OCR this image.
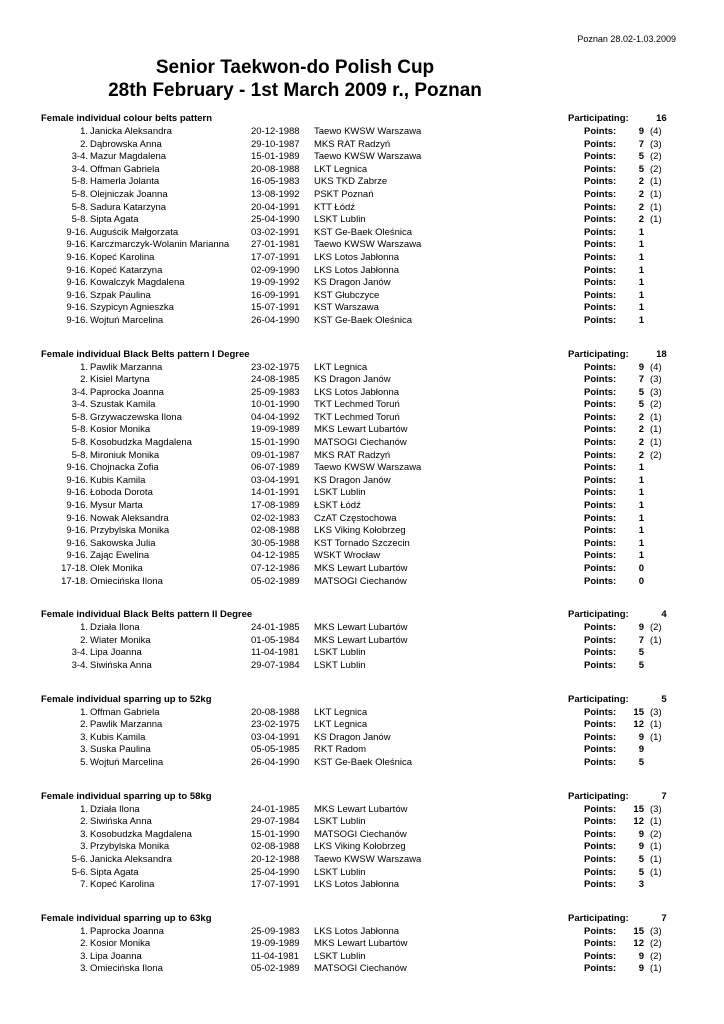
Poznan 28.02-1.03.2009
Senior Taekwon-do Polish Cup
28th February - 1st March 2009 r., Poznan
Female individual colour belts pattern	Participating:	16
1. Janicka Aleksandra	20-12-1988 Taewo KWSW Warszawa	Points:	9 (4)
2. Dąbrowska Anna	29-10-1987 MKS RAT Radzyń	Points:	7 (3)
3-4. Mazur Magdalena	15-01-1989 Taewo KWSW Warszawa	Points:	5 (2)
3-4. Offman Gabriela	20-08-1988 LKT Legnica	Points:	5 (2)
5-8. Hamerla Jolanta	16-05-1983 UKS TKD Zabrze	Points:	2 (1)
5-8. Olejniczak Joanna	13-08-1992 PSKT Poznań	Points:	2 (1)
5-8. Sadura Katarzyna	20-04-1991 KTT Łódź	Points:	2 (1)
5-8. Sipta Agata	25-04-1990 LSKT Lublin	Points:	2 (1)
9-16. Auguścik Małgorzata	03-02-1991 KST Ge-Baek Oleśnica	Points:	1
9-16. Karczmarczyk-Wolanin Marianna 27-01-1981 Taewo KWSW Warszawa	Points:	1
9-16. Kopeć Karolina	17-07-1991 LKS Lotos Jabłonna	Points:	1
9-16. Kopeć Katarzyna	02-09-1990 LKS Lotos Jabłonna	Points:	1
9-16. Kowalczyk Magdalena	19-09-1992 KS Dragon Janów	Points:	1
9-16. Szpak Paulina	16-09-1991 KST Głubczyce	Points:	1
9-16. Szypicyn Agnieszka	15-07-1991 KST Warszawa	Points:	1
9-16. Wojtuń Marcelina	26-04-1990 KST Ge-Baek Oleśnica	Points:	1
Female individual Black Belts pattern I Degree	Participating:	18
1. Pawlik Marzanna	23-02-1975 LKT Legnica	Points:	9 (4)
2. Kisiel Martyna	24-08-1985 KS Dragon Janów	Points:	7 (3)
3-4. Paprocka Joanna	25-09-1983 LKS Lotos Jabłonna	Points:	5 (3)
3-4. Szustak Kamila	10-01-1990 TKT Lechmed Toruń	Points:	5 (2)
5-8. Grzywaczewska Ilona	04-04-1992 TKT Lechmed Toruń	Points:	2 (1)
5-8. Kosior Monika	19-09-1989 MKS Lewart Lubartów	Points:	2 (1)
5-8. Kosobudzka Magdalena	15-01-1990 MATSOGI Ciechanów	Points:	2 (1)
5-8. Mironiuk Monika	09-01-1987 MKS RAT Radzyń	Points:	2 (2)
9-16. Chojnacka Zofia	06-07-1989 Taewo KWSW Warszawa	Points:	1
9-16. Kubis Kamila	03-04-1991 KS Dragon Janów	Points:	1
9-16. Łoboda Dorota	14-01-1991 LSKT Lublin	Points:	1
9-16. Mysur Marta	17-08-1989 ŁSKT Łódź	Points:	1
9-16. Nowak Aleksandra	02-02-1983 CzAT Częstochowa	Points:	1
9-16. Przybylska Monika	02-08-1988 LKS Viking Kołobrzeg	Points:	1
9-16. Sakowska Julia	30-05-1988 KST Tornado Szczecin	Points:	1
9-16. Zając Ewelina	04-12-1985 WSKT Wrocław	Points:	1
17-18. Olek Monika	07-12-1986 MKS Lewart Lubartów	Points:	0
17-18. Omiecińska Ilona	05-02-1989 MATSOGI Ciechanów	Points:	0
Female individual Black Belts pattern II Degree	Participating:	4
1. Działa Ilona	24-01-1985 MKS Lewart Lubartów	Points:	9 (2)
2. Wiater Monika	01-05-1984 MKS Lewart Lubartów	Points:	7 (1)
3-4. Lipa Joanna	11-04-1981 LSKT Lublin	Points:	5
3-4. Siwińska Anna	29-07-1984 LSKT Lublin	Points:	5
Female individual sparring up to 52kg	Participating:	5
1. Offman Gabriela	20-08-1988 LKT Legnica	Points:	15 (3)
2. Pawlik Marzanna	23-02-1975 LKT Legnica	Points:	12 (1)
3. Kubis Kamila	03-04-1991 KS Dragon Janów	Points:	9 (1)
3. Suska Paulina	05-05-1985 RKT Radom	Points:	9
5. Wojtuń Marcelina	26-04-1990 KST Ge-Baek Oleśnica	Points:	5
Female individual sparring up to 58kg	Participating:	7
1. Działa Ilona	24-01-1985 MKS Lewart Lubartów	Points:	15 (3)
2. Siwińska Anna	29-07-1984 LSKT Lublin	Points:	12 (1)
3. Kosobudzka Magdalena	15-01-1990 MATSOGI Ciechanów	Points:	9 (2)
3. Przybylska Monika	02-08-1988 LKS Viking Kołobrzeg	Points:	9 (1)
5-6. Janicka Aleksandra	20-12-1988 Taewo KWSW Warszawa	Points:	5 (1)
5-6. Sipta Agata	25-04-1990 LSKT Lublin	Points:	5 (1)
7. Kopeć Karolina	17-07-1991 LKS Lotos Jabłonna	Points:	3
Female individual sparring up to 63kg	Participating:	7
1. Paprocka Joanna	25-09-1983 LKS Lotos Jabłonna	Points:	15 (3)
2. Kosior Monika	19-09-1989 MKS Lewart Lubartów	Points:	12 (2)
3. Lipa Joanna	11-04-1981 LSKT Lublin	Points:	9 (2)
3. Omiecińska Ilona	05-02-1989 MATSOGI Ciechanów	Points:	9 (1)
